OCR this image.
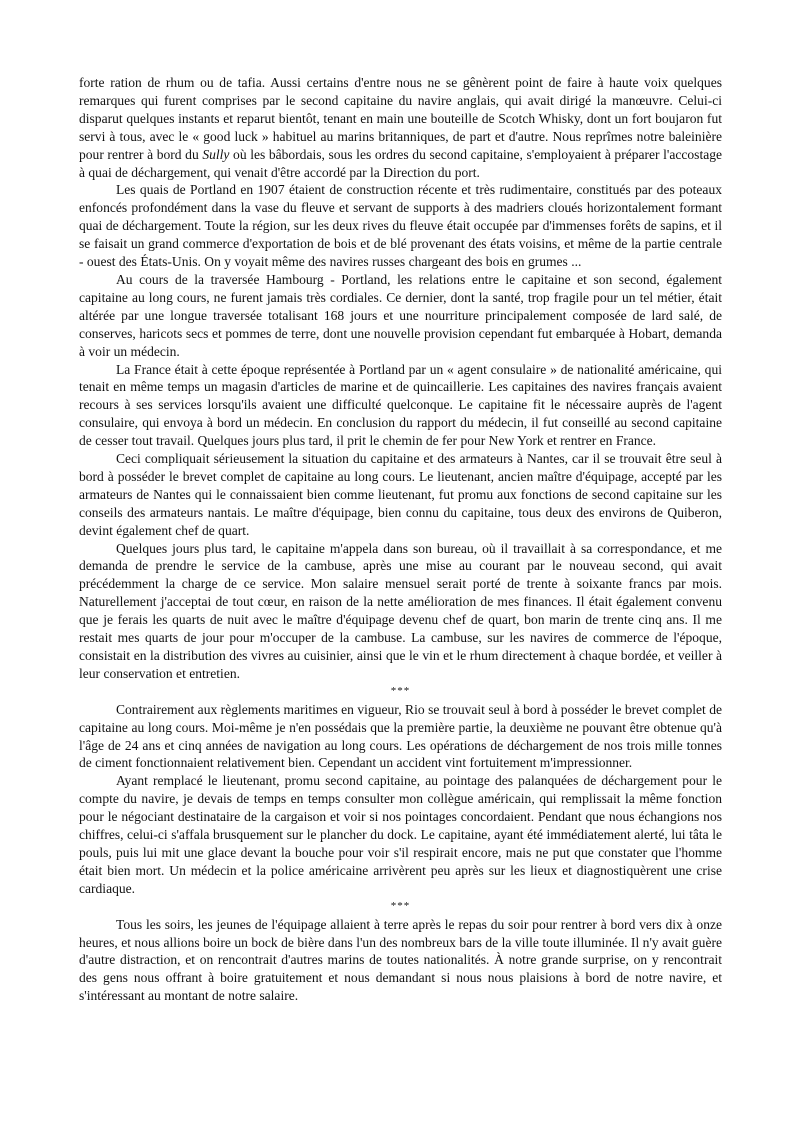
forte ration de rhum ou de tafia. Aussi certains d'entre nous ne se gênèrent point de faire à haute voix quelques remarques qui furent comprises par le second capitaine du navire anglais, qui avait dirigé la manœuvre. Celui-ci disparut quelques instants et reparut bientôt, tenant en main une bouteille de Scotch Whisky, dont un fort boujaron fut servi à tous, avec le « good luck » habituel au marins britanniques, de part et d'autre. Nous reprîmes notre baleinière pour rentrer à bord du Sully où les bâbordais, sous les ordres du second capitaine, s'employaient à préparer l'accostage à quai de déchargement, qui venait d'être accordé par la Direction du port.

Les quais de Portland en 1907 étaient de construction récente et très rudimentaire, constitués par des poteaux enfoncés profondément dans la vase du fleuve et servant de supports à des madriers cloués horizontalement formant quai de déchargement. Toute la région, sur les deux rives du fleuve était occupée par d'immenses forêts de sapins, et il se faisait un grand commerce d'exportation de bois et de blé provenant des états voisins, et même de la partie centrale - ouest des États-Unis. On y voyait même des navires russes chargeant des bois en grumes ...

Au cours de la traversée Hambourg - Portland, les relations entre le capitaine et son second, également capitaine au long cours, ne furent jamais très cordiales. Ce dernier, dont la santé, trop fragile pour un tel métier, était altérée par une longue traversée totalisant 168 jours et une nourriture principalement composée de lard salé, de conserves, haricots secs et pommes de terre, dont une nouvelle provision cependant fut embarquée à Hobart, demanda à voir un médecin.

La France était à cette époque représentée à Portland par un « agent consulaire » de nationalité américaine, qui tenait en même temps un magasin d'articles de marine et de quincaillerie. Les capitaines des navires français avaient recours à ses services lorsqu'ils avaient une difficulté quelconque. Le capitaine fit le nécessaire auprès de l'agent consulaire, qui envoya à bord un médecin. En conclusion du rapport du médecin, il fut conseillé au second capitaine de cesser tout travail. Quelques jours plus tard, il prit le chemin de fer pour New York et rentrer en France.

Ceci compliquait sérieusement la situation du capitaine et des armateurs à Nantes, car il se trouvait être seul à bord à posséder le brevet complet de capitaine au long cours. Le lieutenant, ancien maître d'équipage, accepté par les armateurs de Nantes qui le connaissaient bien comme lieutenant, fut promu aux fonctions de second capitaine sur les conseils des armateurs nantais. Le maître d'équipage, bien connu du capitaine, tous deux des environs de Quiberon, devint également chef de quart.

Quelques jours plus tard, le capitaine m'appela dans son bureau, où il travaillait à sa correspondance, et me demanda de prendre le service de la cambuse, après une mise au courant par le nouveau second, qui avait précédemment la charge de ce service. Mon salaire mensuel serait porté de trente à soixante francs par mois. Naturellement j'acceptai de tout cœur, en raison de la nette amélioration de mes finances. Il était également convenu que je ferais les quarts de nuit avec le maître d'équipage devenu chef de quart, bon marin de trente cinq ans. Il me restait mes quarts de jour pour m'occuper de la cambuse. La cambuse, sur les navires de commerce de l'époque, consistait en la distribution des vivres au cuisinier, ainsi que le vin et le rhum directement à chaque bordée, et veiller à leur conservation et entretien.

***

Contrairement aux règlements maritimes en vigueur, Rio se trouvait seul à bord à posséder le brevet complet de capitaine au long cours. Moi-même je n'en possédais que la première partie, la deuxième ne pouvant être obtenue qu'à l'âge de 24 ans et cinq années de navigation au long cours. Les opérations de déchargement de nos trois mille tonnes de ciment fonctionnaient relativement bien. Cependant un accident vint fortuitement m'impressionner.

Ayant remplacé le lieutenant, promu second capitaine, au pointage des palanquées de déchargement pour le compte du navire, je devais de temps en temps consulter mon collègue américain, qui remplissait la même fonction pour le négociant destinataire de la cargaison et voir si nos pointages concordaient. Pendant que nous échangions nos chiffres, celui-ci s'affala brusquement sur le plancher du dock. Le capitaine, ayant été immédiatement alerté, lui tâta le pouls, puis lui mit une glace devant la bouche pour voir s'il respirait encore, mais ne put que constater que l'homme était bien mort. Un médecin et la police américaine arrivèrent peu après sur les lieux et diagnostiquèrent une crise cardiaque.

***

Tous les soirs, les jeunes de l'équipage allaient à terre après le repas du soir pour rentrer à bord vers dix à onze heures, et nous allions boire un bock de bière dans l'un des nombreux bars de la ville toute illuminée. Il n'y avait guère d'autre distraction, et on rencontrait d'autres marins de toutes nationalités. À notre grande surprise, on y rencontrait des gens nous offrant à boire gratuitement et nous demandant si nous nous plaisions à bord de notre navire, et s'intéressant au montant de notre salaire.
